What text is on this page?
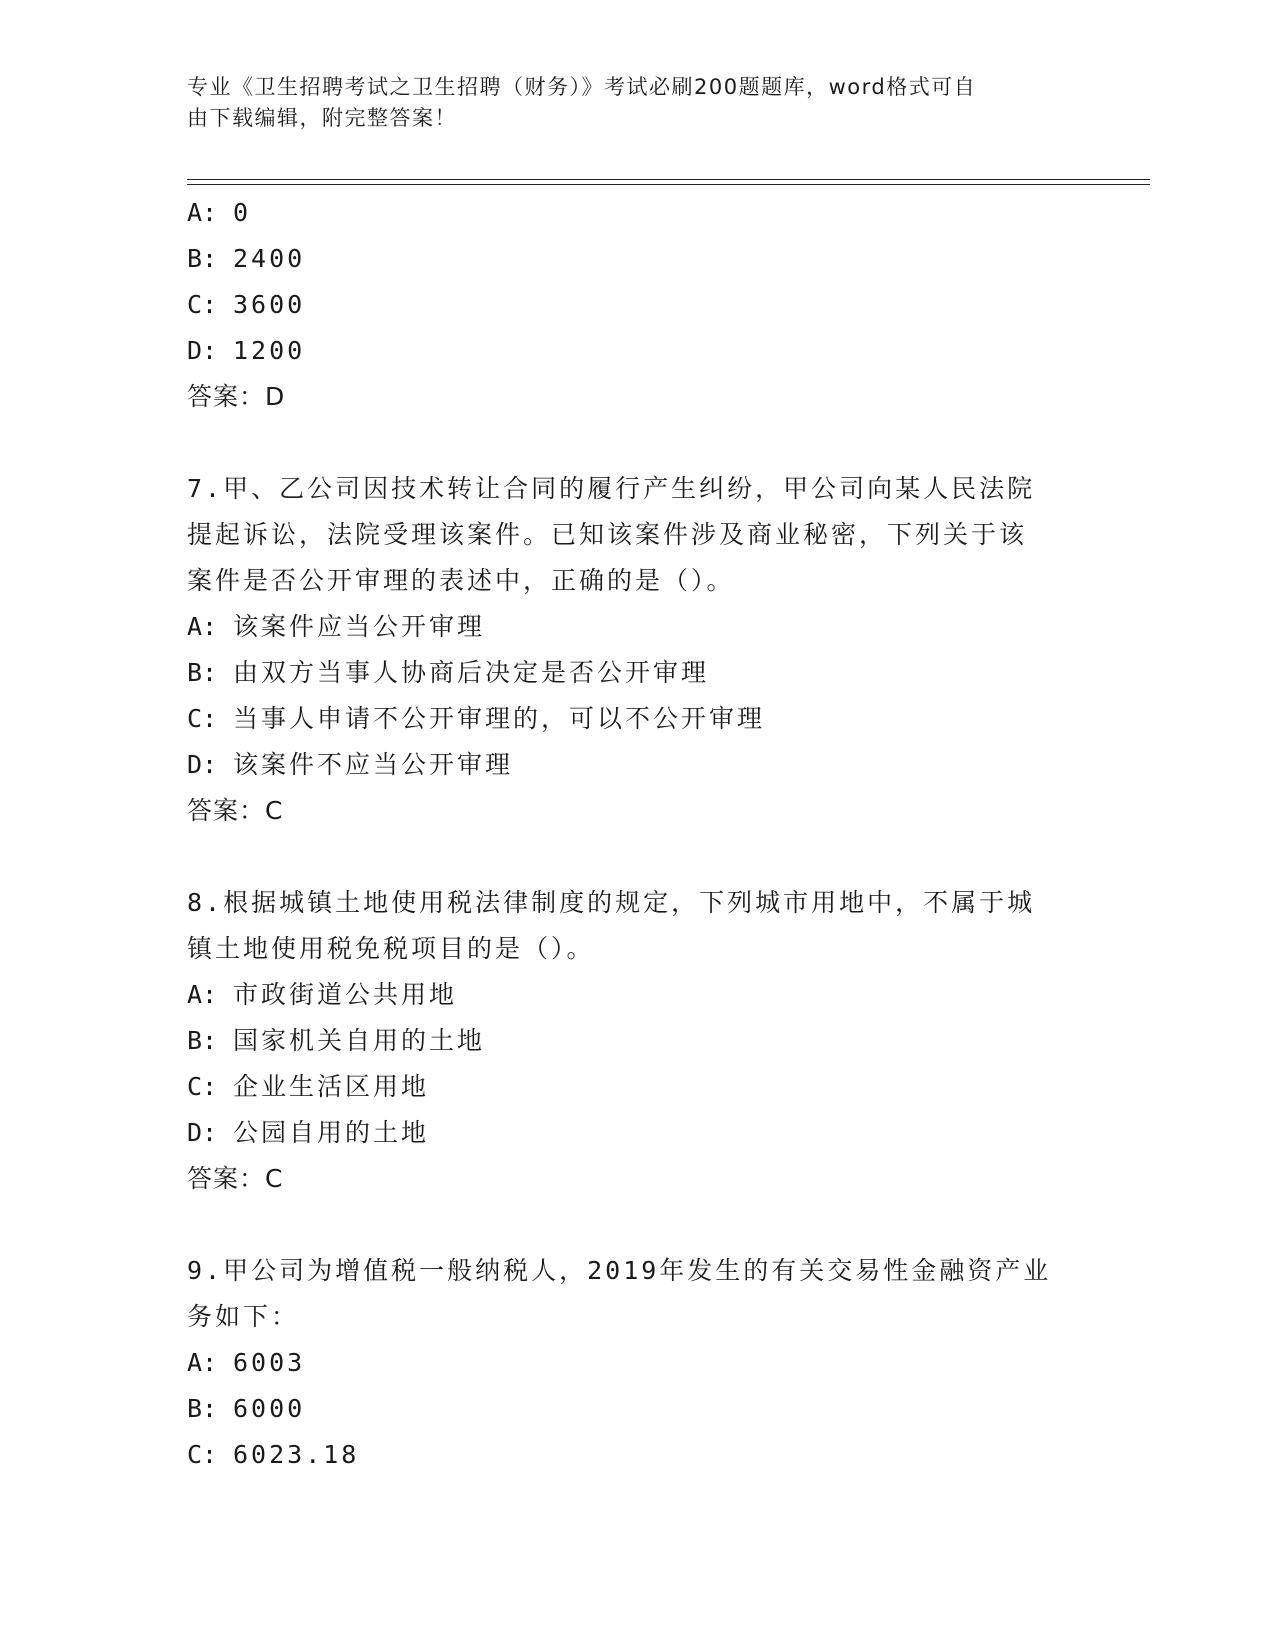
专业《卫生招聘考试之卫生招聘（财务）》考试必刷200题题库，word格式可自
由下载编辑，附完整答案！
A: 0
B: 2400
C: 3600
D: 1200
答案：D
7.甲、乙公司因技术转让合同的履行产生纠纷，甲公司向某人民法院
提起诉讼，法院受理该案件。已知该案件涉及商业秘密，下列关于该
案件是否公开审理的表述中，正确的是（）。
A: 该案件应当公开审理
B: 由双方当事人协商后决定是否公开审理
C: 当事人申请不公开审理的，可以不公开审理
D: 该案件不应当公开审理
答案：C
8.根据城镇土地使用税法律制度的规定，下列城市用地中，不属于城
镇土地使用税免税项目的是（）。
A: 市政街道公共用地
B: 国家机关自用的土地
C: 企业生活区用地
D: 公园自用的土地
答案：C
9.甲公司为增值税一般纳税人，2019年发生的有关交易性金融资产业
务如下：
A: 6003
B: 6000
C: 6023.18
